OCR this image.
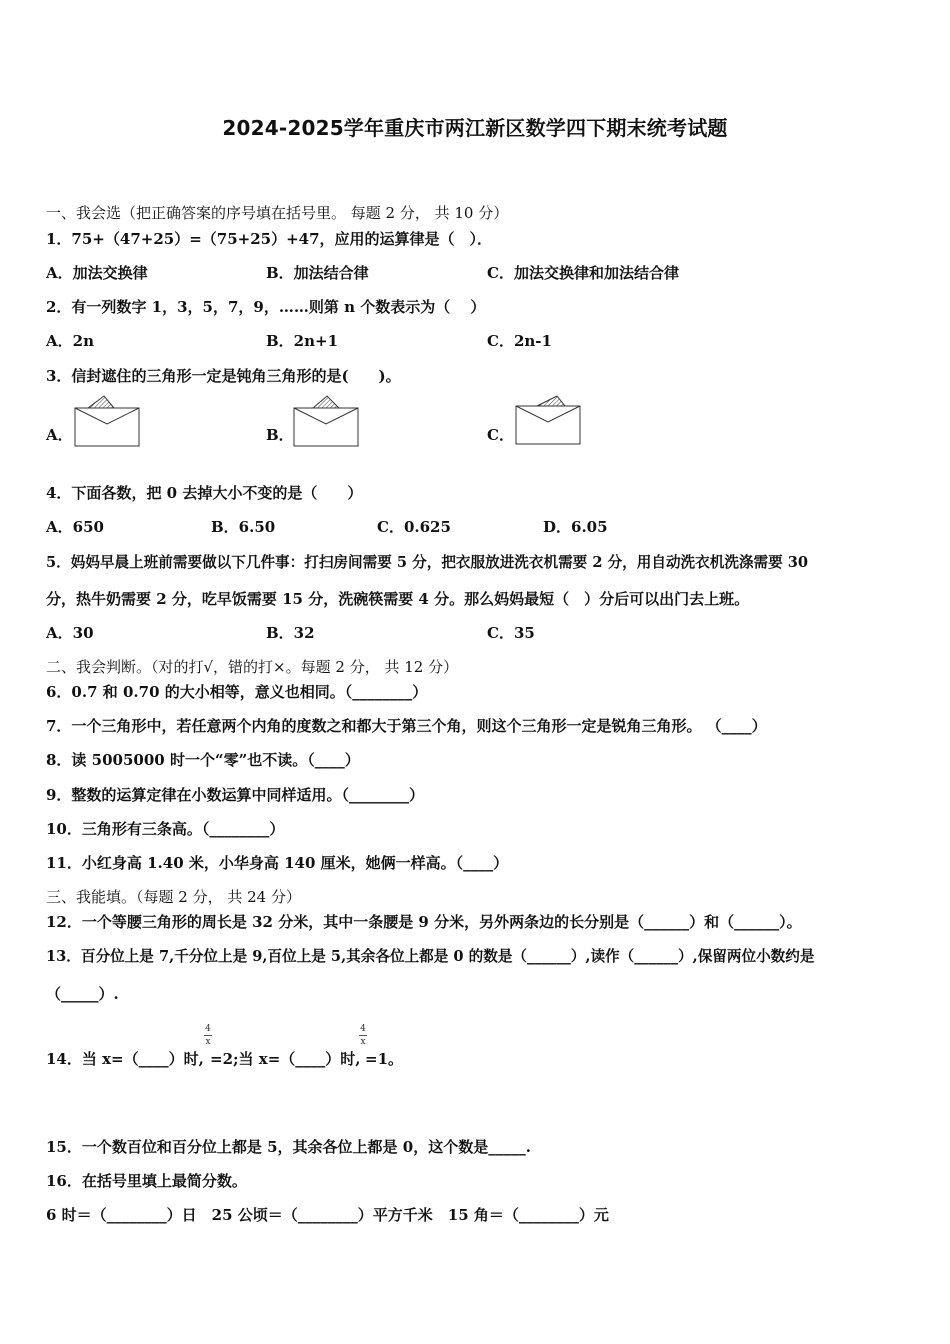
2024-2025学年重庆市两江新区数学四下期末统考试题
一、我会选（把正确答案的序号填在括号里。 每题 2 分， 共 10 分）
1．75+（47+25）=（75+25）+47，应用的运算律是（　）．
A．加法交换律	B．加法结合律	C．加法交换律和加法结合律
2．有一列数字 1，3，5，7，9，……则第 n 个数表示为（　 ）
A．2n	B．2n+1	C．2n-1
3．信封遮住的三角形一定是钝角三角形的是(　　)。
A．	B．	C．
4．下面各数，把 0 去掉大小不变的是（　　）
A．650	B．6.50	C．0.625	D．6.05
5．妈妈早晨上班前需要做以下几件事：打扫房间需要 5 分，把衣服放进洗衣机需要 2 分，用自动洗衣机洗涤需要 30
分，热牛奶需要 2 分，吃早饭需要 15 分，洗碗筷需要 4 分。那么妈妈最短（　）分后可以出门去上班。
A．30	B．32	C．35
二、我会判断。（对的打√，错的打×。每题 2 分， 共 12 分）
6．0.7 和 0.70 的大小相等，意义也相同。（________）
7．一个三角形中，若任意两个内角的度数之和都大于第三个角，则这个三角形一定是锐角三角形。 （____）
8．读 5005000 时一个“零”也不读。（____）
9．整数的运算定律在小数运算中同样适用。（________）
10．三角形有三条高。（________）
11．小红身高 1.40 米，小华身高 140 厘米，她俩一样高。（____）
三、我能填。（每题 2 分， 共 24 分）
12．一个等腰三角形的周长是 32 分米，其中一条腰是 9 分米，另外两条边的长分别是（______）和（______）。
13．百分位上是 7,千分位上是 9,百位上是 5,其余各位上都是 0 的数是（______）,读作（______）,保留两位小数约是
（_____）.
14．当 x=（____）时,
4
x
=2;当 x=（____）时,
4
x
=1。
15．一个数百位和百分位上都是 5，其余各位上都是 0，这个数是_____.
16．在括号里填上最简分数。
6 时＝（________）日　25 公顷＝（________）平方千米　15 角＝（________）元
